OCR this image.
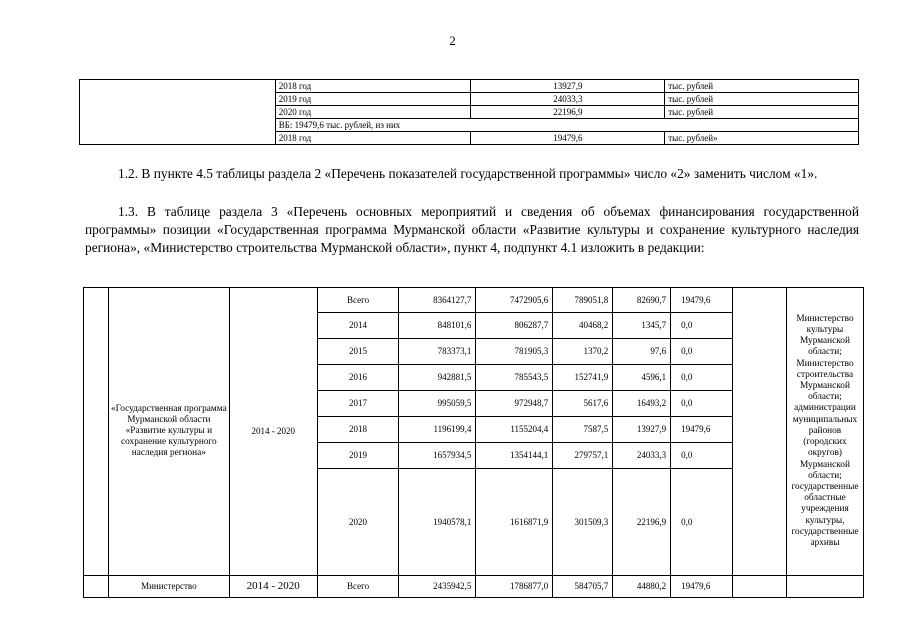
2
	2018 год	13927,9	тыс. рублей
	2019 год	24033,3	тыс. рублей
	2020 год	22196,9	тыс. рублей
	ВБ: 19479,6 тыс. рублей, из них		
	2018 год	19479,6	тыс. рублей»
1.2. В пункте 4.5 таблицы раздела 2 «Перечень показателей государственной программы» число «2» заменить числом «1».
1.3. В таблице раздела 3 «Перечень основных мероприятий и сведения об объемах финансирования государственной программы» позиции «Государственная программа Мурманской области «Развитие культуры и сохранение культурного наследия региона», «Министерство строительства Мурманской области», пункт 4, подпункт 4.1 изложить в редакции:
	«Государственная программа Мурманской области «Развитие культуры и сохранение культурного наследия региона»	2014 - 2020	Всего	8364127,7	7472905,6	789051,8	82690,7	19479,6		Министерство культуры Мурманской области; Министерство строительства Мурманской области; администрации муниципальных районов (городских округов) Мурманской области; государственные областные учреждения культуры, государственные архивы
			2014	848101,6	806287,7	40468,2	1345,7	0,0		
			2015	783373,1	781905,3	1370,2	97,6	0,0		
			2016	942881,5	785543,5	152741,9	4596,1	0,0		
			2017	995059,5	972948,7	5617,6	16493,2	0,0		
			2018	1196199,4	1155204,4	7587,5	13927,9	19479,6		
			2019	1657934,5	1354144,1	279757,1	24033,3	0,0		
			2020	1940578,1	1616871,9	301509,3	22196,9	0,0		
	Министерство	2014 - 2020	Всего	2435942,5	1786877,0	584705,7	44880,2	19479,6		
